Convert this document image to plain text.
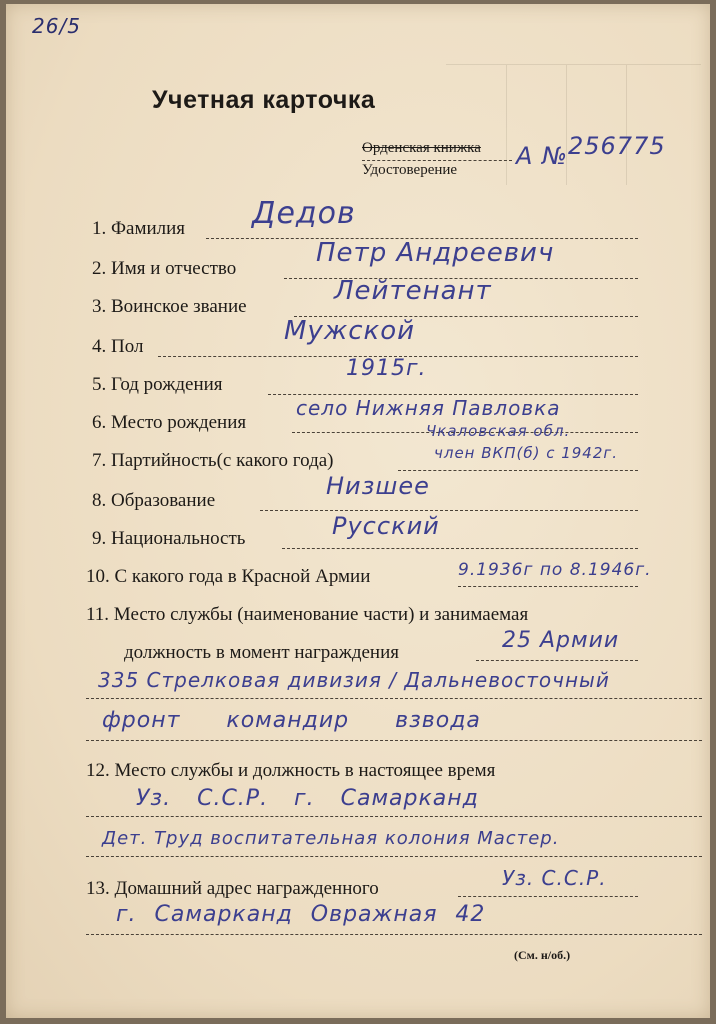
26/5
Учетная карточка
Орденская книжка
Удостоверение А № 256775
1. Фамилия Дедов
2. Имя и отчество
Петр Андреевич
3. Воинское звание
Лейтенант
4. Пол
Мужской
5. Год рождения
1915г.
6. Место рождения
село Нижняя Павловка
Чкаловская обл.
7. Партийность(с какого года)	член ВКП(б) с 1942г.
8. Образование
Низшее
9. Национальность	Русский
10. С какого года в Красной Армии	9.1936г по 8.1946г.
11. Место службы (наименование части) и занимаемая
должность в момент награждения	25 Армии
335 Стрелковая дивизия / Дальневосточный
фронт командир взвода
12. Место службы и должность в настоящее время
Уз. С.С.Р. г. Самарканд
Дет. Труд воспитательная колония Мастер.
13. Домашний адрес награжденного	Уз. С.С.Р.
г. Самарканд Овражная 42
(См. н/об.)
